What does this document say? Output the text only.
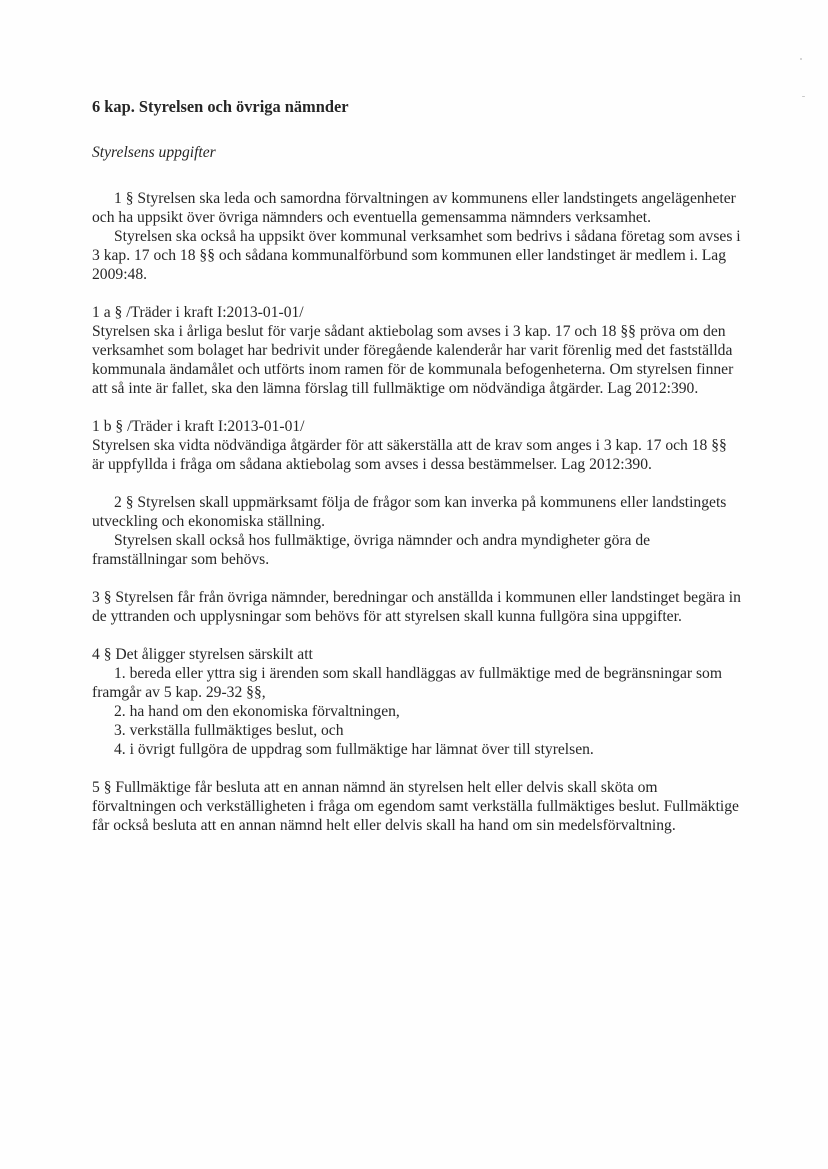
6 kap. Styrelsen och övriga nämnder
Styrelsens uppgifter

1 § Styrelsen ska leda och samordna förvaltningen av kommunens eller landstingets angelägenheter och ha uppsikt över övriga nämnders och eventuella gemensamma nämnders verksamhet.

Styrelsen ska också ha uppsikt över kommunal verksamhet som bedrivs i sådana företag som avses i 3 kap. 17 och 18 §§ och sådana kommunalförbund som kommunen eller landstinget är medlem i. Lag 2009:48.

1 a § /Träder i kraft I:2013-01-01/

Styrelsen ska i årliga beslut för varje sådant aktiebolag som avses i 3 kap. 17 och 18 §§ pröva om den verksamhet som bolaget har bedrivit under föregående kalenderår har varit förenlig med det fastställda kommunala ändamålet och utförts inom ramen för de kommunala befogenheterna. Om styrelsen finner att så inte är fallet, ska den lämna förslag till fullmäktige om nödvändiga åtgärder. Lag 2012:390.

1 b § /Träder i kraft I:2013-01-01/

Styrelsen ska vidta nödvändiga åtgärder för att säkerställa att de krav som anges i 3 kap. 17 och 18 §§ är uppfyllda i fråga om sådana aktiebolag som avses i dessa bestämmelser. Lag 2012:390.

2 § Styrelsen skall uppmärksamt följa de frågor som kan inverka på kommunens eller landstingets utveckling och ekonomiska ställning.

Styrelsen skall också hos fullmäktige, övriga nämnder och andra myndigheter göra de framställningar som behövs.

3 § Styrelsen får från övriga nämnder, beredningar och anställda i kommunen eller landstinget begära in de yttranden och upplysningar som behövs för att styrelsen skall kunna fullgöra sina uppgifter.

4 § Det åligger styrelsen särskilt att

1. bereda eller yttra sig i ärenden som skall handläggas av fullmäktige med de begränsningar som framgår av 5 kap. 29-32 §§,

2. ha hand om den ekonomiska förvaltningen,

3. verkställa fullmäktiges beslut, och

4. i övrigt fullgöra de uppdrag som fullmäktige har lämnat över till styrelsen.

5 § Fullmäktige får besluta att en annan nämnd än styrelsen helt eller delvis skall sköta om förvaltningen och verkställigheten i fråga om egendom samt verkställa fullmäktiges beslut. Fullmäktige får också besluta att en annan nämnd helt eller delvis skall ha hand om sin medelsförvaltning.
